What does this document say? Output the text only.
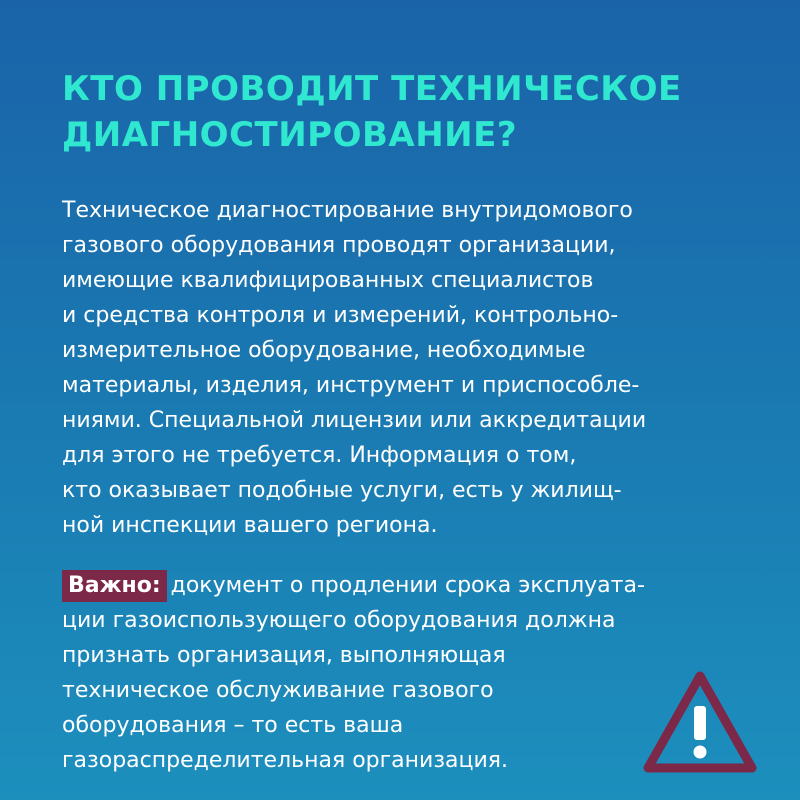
КТО ПРОВОДИТ ТЕХНИЧЕСКОЕ
ДИАГНОСТИРОВАНИЕ?

Техническое диагностирование внутридомового
газового оборудования проводят организации,
имеющие квалифицированных специалистов
и средства контроля и измерений, контрольно-
измерительное оборудование, необходимые
материалы, изделия, инструмент и приспособле-
ниями. Специальной лицензии или аккредитации
для этого не требуется. Информация о том,
кто оказывает подобные услуги, есть у жилищ-
ной инспекции вашего региона.

Важно: документ о продлении срока эксплуата-
ции газоиспользующего оборудования должна
признать организация, выполняющая
техническое обслуживание газового
оборудования – то есть ваша
газораспределительная организация.
